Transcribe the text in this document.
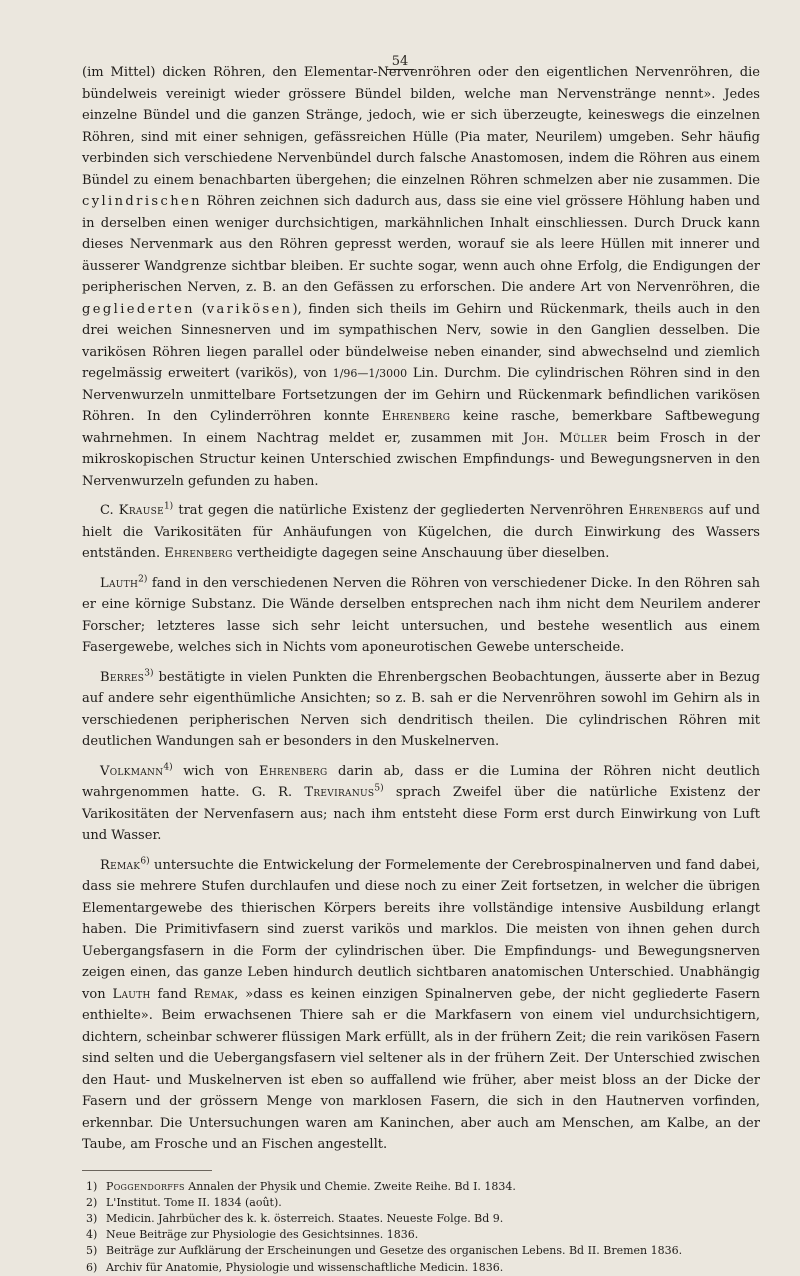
54

(im Mittel) dicken Röhren, den Elementar-Nervenröhren oder den eigentlichen Nervenröhren, die bündelweis vereinigt wieder grössere Bündel bilden, welche man Nervenstränge nennt». Jedes einzelne Bündel und die ganzen Stränge, jedoch, wie er sich überzeugte, keineswegs die einzelnen Röhren, sind mit einer sehnigen, gefässreichen Hülle (Pia mater, Neurilem) umgeben. Sehr häufig verbinden sich verschiedene Nervenbündel durch falsche Anastomosen, indem die Röhren aus einem Bündel zu einem benachbarten übergehen; die einzelnen Röhren schmelzen aber nie zusammen. Die cylindrischen Röhren zeichnen sich dadurch aus, dass sie eine viel grössere Höhlung haben und in derselben einen weniger durchsichtigen, markähnlichen Inhalt einschliessen. Durch Druck kann dieses Nervenmark aus den Röhren gepresst werden, worauf sie als leere Hüllen mit innerer und äusserer Wandgrenze sichtbar bleiben. Er suchte sogar, wenn auch ohne Erfolg, die Endigungen der peripherischen Nerven, z. B. an den Gefässen zu erforschen. Die andere Art von Nervenröhren, die gegliederten (varikösen), finden sich theils im Gehirn und Rückenmark, theils auch in den drei weichen Sinnesnerven und im sympathischen Nerv, sowie in den Ganglien desselben. Die varikösen Röhren liegen parallel oder bündelweise neben einander, sind abwechselnd und ziemlich regelmässig erweitert (varikös), von 1/96—1/3000 Lin. Durchm. Die cylindrischen Röhren sind in den Nervenwurzeln unmittelbare Fortsetzungen der im Gehirn und Rückenmark befindlichen varikösen Röhren. In den Cylinderröhren konnte Ehrenberg keine rasche, bemerkbare Saftbewegung wahrnehmen. In einem Nachtrag meldet er, zusammen mit Joh. Müller beim Frosch in der mikroskopischen Structur keinen Unterschied zwischen Empfindungs- und Bewegungsnerven in den Nervenwurzeln gefunden zu haben.

C. Krause$^{1)}$ trat gegen die natürliche Existenz der gegliederten Nervenröhren Ehrenbergs auf und hielt die Varikositäten für Anhäufungen von Kügelchen, die durch Einwirkung des Wassers entständen. Ehrenberg vertheidigte dagegen seine Anschauung über dieselben.

Lauth$^{2)}$ fand in den verschiedenen Nerven die Röhren von verschiedener Dicke. In den Röhren sah er eine körnige Substanz. Die Wände derselben entsprechen nach ihm nicht dem Neurilem anderer Forscher; letzteres lasse sich sehr leicht untersuchen, und bestehe wesentlich aus einem Fasergewebe, welches sich in Nichts vom aponeurotischen Gewebe unterscheide.

Berres$^{3)}$ bestätigte in vielen Punkten die Ehrenbergschen Beobachtungen, äusserte aber in Bezug auf andere sehr eigenthümliche Ansichten; so z. B. sah er die Nervenröhren sowohl im Gehirn als in verschiedenen peripherischen Nerven sich dendritisch theilen. Die cylindrischen Röhren mit deutlichen Wandungen sah er besonders in den Muskelnerven.

Volkmann$^{4)}$ wich von Ehrenberg darin ab, dass er die Lumina der Röhren nicht deutlich wahrgenommen hatte. G. R. Treviranus$^{5)}$ sprach Zweifel über die natürliche Existenz der Varikositäten der Nervenfasern aus; nach ihm entsteht diese Form erst durch Einwirkung von Luft und Wasser.

Remak$^{6)}$ untersuchte die Entwickelung der Formelemente der Cerebrospinalnerven und fand dabei, dass sie mehrere Stufen durchlaufen und diese noch zu einer Zeit fortsetzen, in welcher die übrigen Elementargewebe des thierischen Körpers bereits ihre vollständige intensive Ausbildung erlangt haben. Die Primitivfasern sind zuerst varikös und marklos. Die meisten von ihnen gehen durch Uebergangsfasern in die Form der cylindrischen über. Die Empfindungs- und Bewegungsnerven zeigen einen, das ganze Leben hindurch deutlich sichtbaren anatomischen Unterschied. Unabhängig von Lauth fand Remak, »dass es keinen einzigen Spinalnerven gebe, der nicht gegliederte Fasern enthielte». Beim erwachsenen Thiere sah er die Markfasern von einem viel undurchsichtigern, dichtern, scheinbar schwerer flüssigen Mark erfüllt, als in der frühern Zeit; die rein varikösen Fasern sind selten und die Uebergangsfasern viel seltener als in der frühern Zeit. Der Unterschied zwischen den Haut- und Muskelnerven ist eben so auffallend wie früher, aber meist bloss an der Dicke der Fasern und der grössern Menge von marklosen Fasern, die sich in den Hautnerven vorfinden, erkennbar. Die Untersuchungen waren am Kaninchen, aber auch am Menschen, am Kalbe, an der Taube, am Frosche und an Fischen angestellt.

1) Poggendorffs Annalen der Physik und Chemie. Zweite Reihe. Bd I. 1834.

2) L'Institut. Tome II. 1834 (août).

3) Medicin. Jahrbücher des k. k. österreich. Staates. Neueste Folge. Bd 9.

4) Neue Beiträge zur Physiologie des Gesichtsinnes. 1836.

5) Beiträge zur Aufklärung der Erscheinungen und Gesetze des organischen Lebens. Bd II. Bremen 1836.

6) Archiv für Anatomie, Physiologie und wissenschaftliche Medicin. 1836.
